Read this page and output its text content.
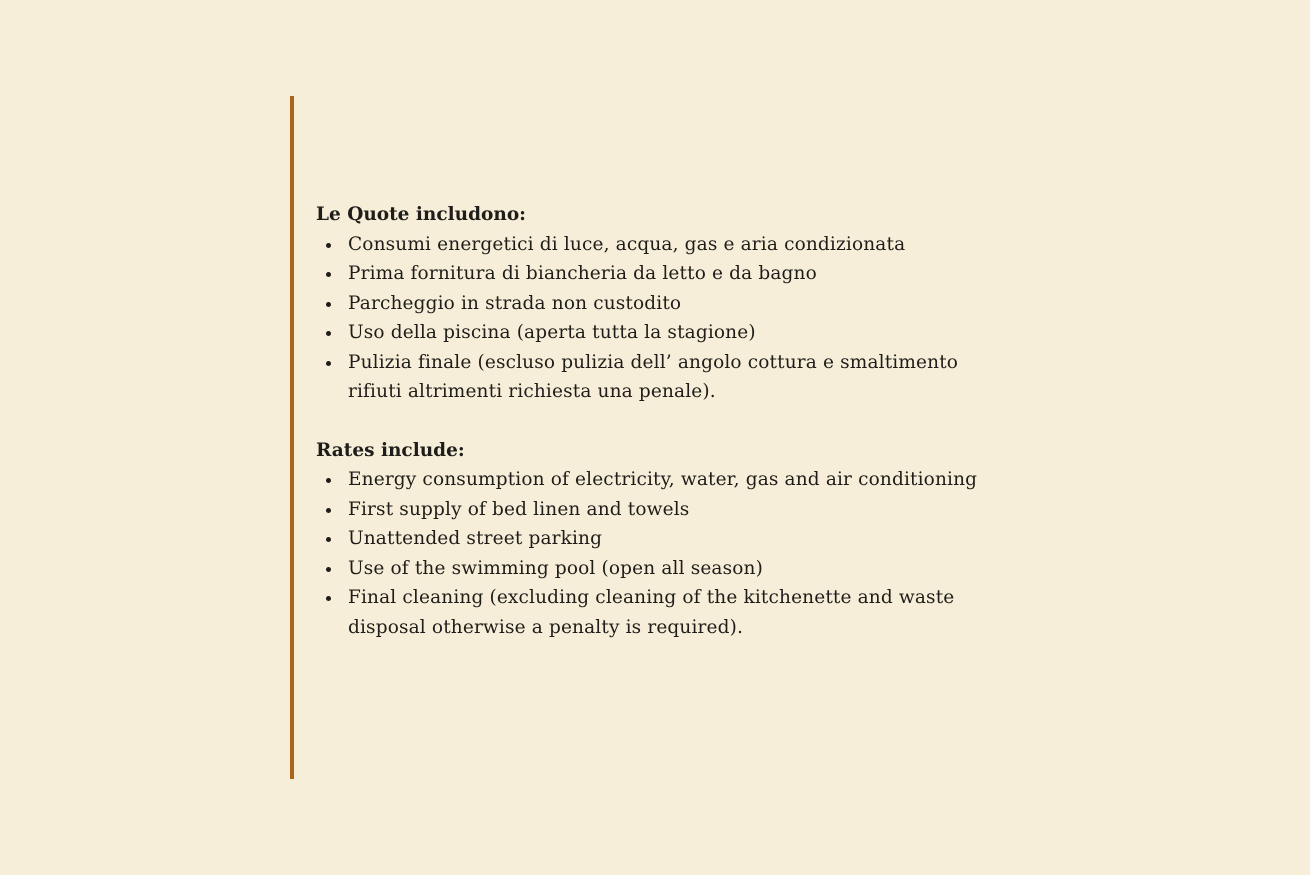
Le Quote includono:

Consumi energetici di luce, acqua, gas e aria condizionata
Prima fornitura di biancheria da letto e da bagno
Parcheggio in strada non custodito
Uso della piscina (aperta tutta la stagione)
Pulizia finale (escluso pulizia dell’ angolo cottura e smaltimento rifiuti altrimenti richiesta una penale).

Rates include:

Energy consumption of electricity, water, gas and air conditioning
First supply of bed linen and towels
Unattended street parking
Use of the swimming pool (open all season)
Final cleaning (excluding cleaning of the kitchenette and waste disposal otherwise a penalty is required).
